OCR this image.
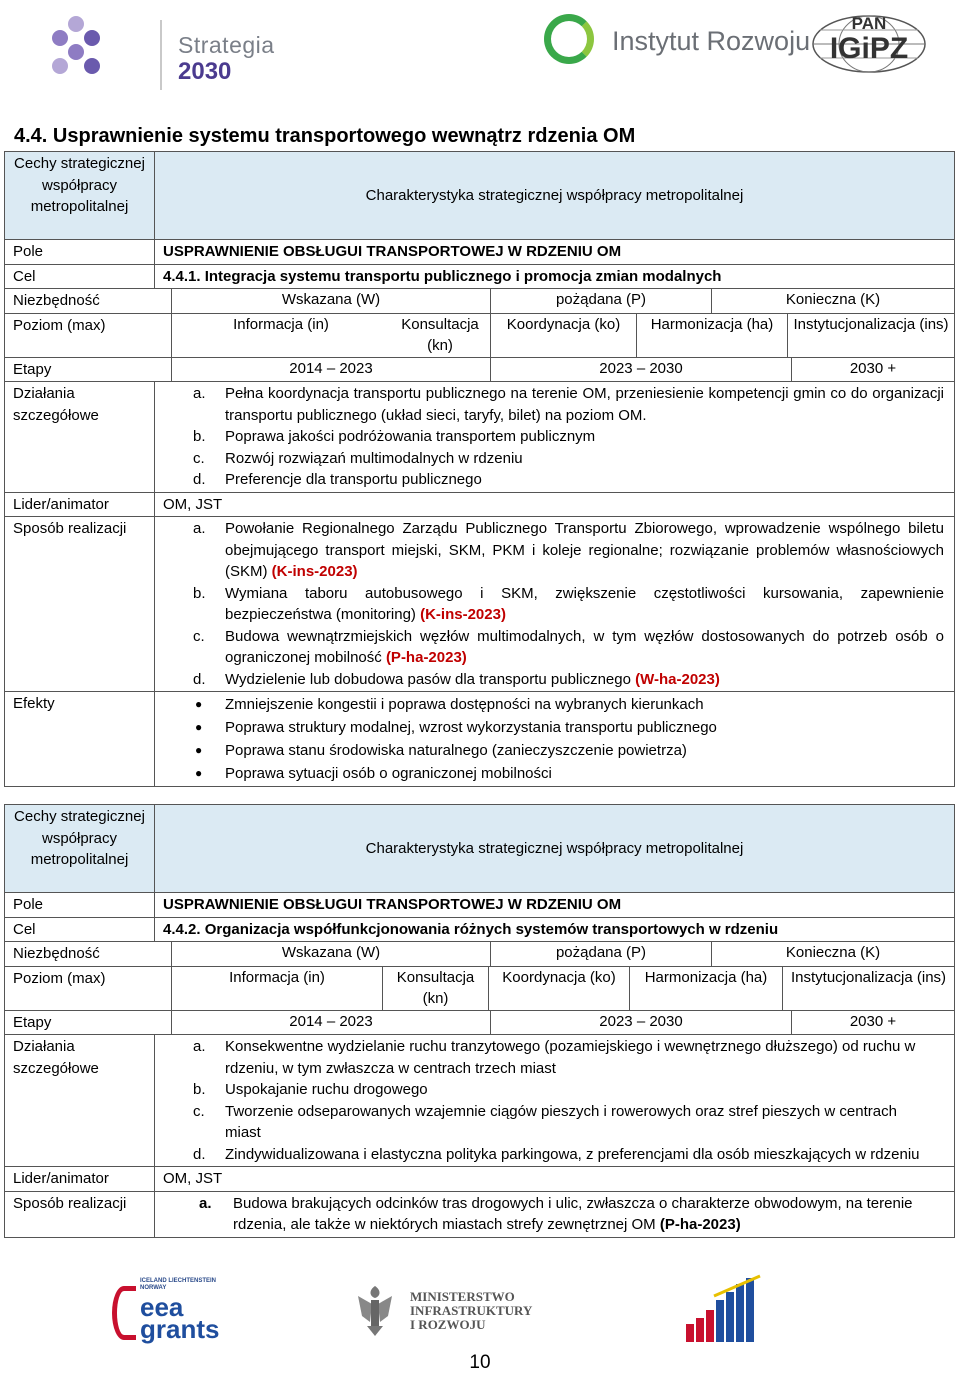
Strategia
2030
Instytut Rozwoju
PAN
IGiPZ
4.4. Usprawnienie systemu transportowego wewnątrz rdzenia OM
Cechy strategicznej współpracy metropolitalnej	Charakterystyka strategicznej współpracy metropolitalnej
Pole	USPRAWNIENIE OBSŁUGUI TRANSPORTOWEJ W RDZENIU OM
Cel	4.4.1. Integracja systemu transportu publicznego i promocja zmian modalnych

Niezbędność	Wskazana (W)	pożądana (P)	Konieczna (K)

Poziom (max)	Informacja (in)	Konsultacja (kn)	Koordynacja (ko)	Harmonizacja (ha)	Instytucjonalizacja (ins)

Etapy	2014 – 2023	2023 – 2030	2030 +

Działania szczegółowe	
a.	Pełna koordynacja transportu publicznego na terenie OM, przeniesienie kompetencji gmin co do organizacji transportu publicznego (układ sieci, taryfy, bilet) na poziom OM.
b.	Poprawa jakości podróżowania transportem publicznym
c.	Rozwój rozwiązań multimodalnych w rdzeniu
d.	Preferencje dla transportu publicznego

Lider/animator	OM, JST
Sposób realizacji	a.	Powołanie Regionalnego Zarządu Publicznego Transportu Zbiorowego, wprowadzenie wspólnego biletu obejmującego transport miejski, SKM, PKM i koleje regionalne; rozwiązanie problemów własnościowych (SKM) (K-ins-2023)
b.	Wymiana taboru autobusowego i SKM, zwiększenie częstotliwości kursowania, zapewnienie bezpieczeństwa (monitoring) (K-ins-2023)
c.	Budowa wewnątrzmiejskich węzłów multimodalnych, w tym węzłów dostosowanych do potrzeb osób o ograniczonej mobilność (P-ha-2023)
d.	Wydzielenie lub dobudowa pasów dla transportu publicznego (W-ha-2023)

Efekty	●	Zmniejszenie kongestii i poprawa dostępności na wybranych kierunkach
●	Poprawa struktury modalnej, wzrost wykorzystania transportu publicznego
●	Poprawa stanu środowiska naturalnego (zanieczyszczenie powietrza)
●	Poprawa sytuacji osób o ograniczonej mobilności
Cechy strategicznej współpracy metropolitalnej	Charakterystyka strategicznej współpracy metropolitalnej
Pole	USPRAWNIENIE OBSŁUGUI TRANSPORTOWEJ W RDZENIU OM
Cel	4.4.2. Organizacja współfunkcjonowania różnych systemów transportowych w rdzeniu

Niezbędność	Wskazana (W)	pożądana (P)	Konieczna (K)

Poziom (max)	Informacja (in)	Konsultacja (kn)	Koordynacja (ko)	Harmonizacja (ha)	Instytucjonalizacja (ins)

Etapy	2014 – 2023	2023 – 2030	2030 +

Działania szczegółowe	
a.	Konsekwentne wydzielanie ruchu tranzytowego (pozamiejskiego i wewnętrznego dłuższego) od ruchu w rdzeniu, w tym zwłaszcza w centrach trzech miast
b.	Uspokajanie ruchu drogowego
c.	Tworzenie odseparowanych wzajemnie ciągów pieszych i rowerowych oraz stref pieszych w centrach miast
d.	Zindywidualizowana i elastyczna polityka parkingowa, z preferencjami dla osób mieszkających w rdzeniu

Lider/animator	OM, JST
Sposób realizacji	a.	Budowa brakujących odcinków tras drogowych i ulic, zwłaszcza o charakterze obwodowym, na terenie rdzenia, ale także w niektórych miastach strefy zewnętrznej OM (P-ha-2023)
ICELAND LIECHTENSTEIN NORWAY
eea
grants
MINISTERSTWO
INFRASTRUKTURY
I ROZWOJU
10
